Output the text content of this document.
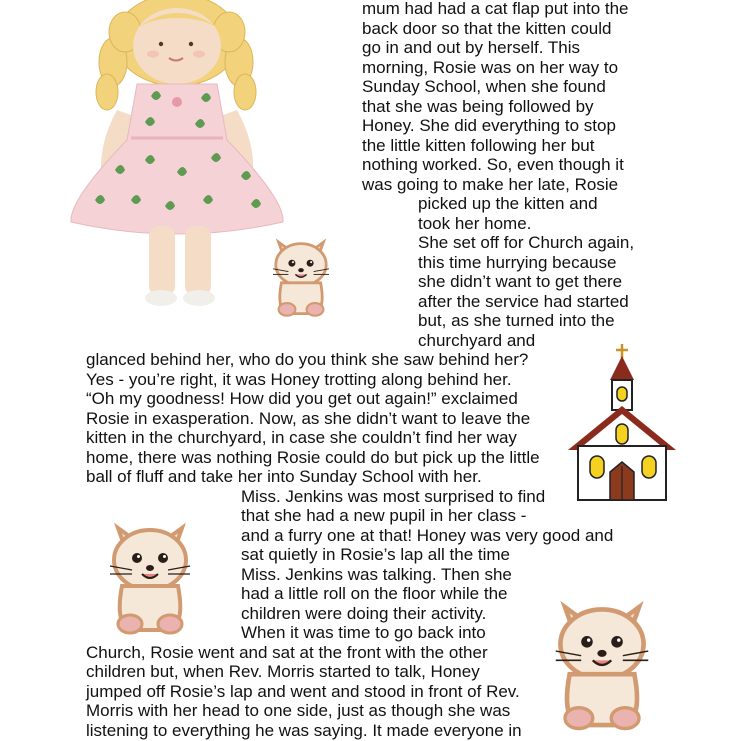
mum had had a cat flap put into the
back door so that the kitten could
go in and out by herself. This
morning, Rosie was on her way to
Sunday School, when she found
that she was being followed by
Honey. She did everything to stop
the little kitten following her but
nothing worked. So, even though it
was going to make her late, Rosie
picked up the kitten and
took her home.
She set off for Church again,
this time hurrying because
she didn’t want to get there
after the service had started
but, as she turned into the
churchyard and
glanced behind her, who do you think she saw behind her?
Yes - you’re right, it was Honey trotting along behind her.
“Oh my goodness! How did you get out again!” exclaimed
Rosie in exasperation. Now, as she didn’t want to leave the
kitten in the churchyard, in case she couldn’t find her way
home, there was nothing Rosie could do but pick up the little
ball of fluff and take her into Sunday School with her.
Miss. Jenkins was most surprised to find
that she had a new pupil in her class -
and a furry one at that! Honey was very good and
sat quietly in Rosie’s lap all the time
Miss. Jenkins was talking. Then she
had a little roll on the floor while the
children were doing their activity.
When it was time to go back into
Church, Rosie went and sat at the front with the other
children but, when Rev. Morris started to talk, Honey
jumped off Rosie’s lap and went and stood in front of Rev.
Morris with her head to one side, just as though she was
listening to everything he was saying. It made everyone in
